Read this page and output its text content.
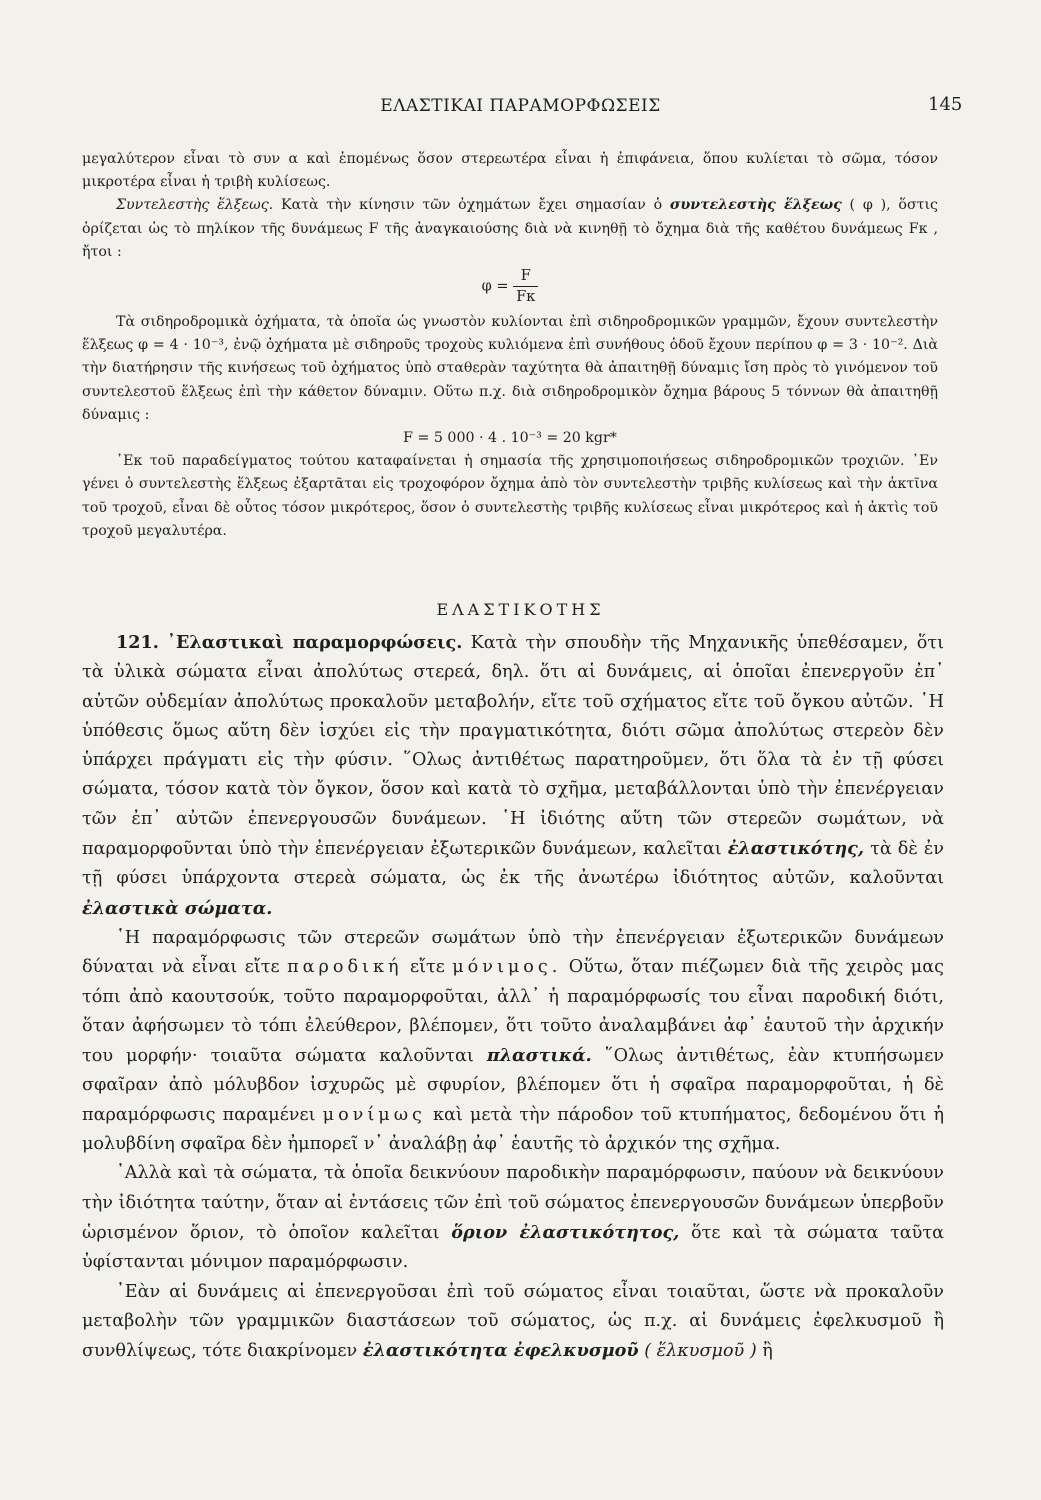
ΕΛΑΣΤΙΚΑΙ ΠΑΡΑΜΟΡΦΩΣΕΙΣ	145

μεγαλύτερον εἶναι τὸ συν α καὶ ἑπομένως ὅσον στερεωτέρα εἶναι ἡ ἐπιφάνεια, ὅπου κυλίεται τὸ σῶμα, τόσον μικροτέρα εἶναι ἡ τριβὴ κυλίσεως.

Συντελεστὴς ἕλξεως. Κατὰ τὴν κίνησιν τῶν ὀχημάτων ἔχει σημασίαν ὁ συντελεστὴς ἕλξεως ( φ ), ὅστις ὁρίζεται ὡς τὸ πηλίκον τῆς δυνάμεως F τῆς ἀναγκαιούσης διὰ νὰ κινηθῇ τὸ ὄχημα διὰ τῆς καθέτου δυνάμεως Fκ , ἤτοι :

$\varphi = \frac{F}{F\kappa}$

Τὰ σιδηροδρομικὰ ὀχήματα, τὰ ὁποῖα ὡς γνωστὸν κυλίονται ἐπὶ σιδηροδρομικῶν γραμμῶν, ἔχουν συντελεστὴν ἕλξεως φ = 4 · 10⁻³, ἐνῷ ὀχήματα μὲ σιδηροῦς τροχοὺς κυλιόμενα ἐπὶ συνήθους ὁδοῦ ἔχουν περίπου φ = 3 · 10⁻². Διὰ τὴν διατήρησιν τῆς κινήσεως τοῦ ὀχήματος ὑπὸ σταθερὰν ταχύτητα θὰ ἀπαιτηθῇ δύναμις ἴση πρὸς τὸ γινόμενον τοῦ συντελεστοῦ ἕλξεως ἐπὶ τὴν κάθετον δύναμιν. Οὕτω π.χ. διὰ σιδηροδρομικὸν ὄχημα βάρους 5 τόννων θὰ ἀπαιτηθῇ δύναμις :

F = 5 000 · 4 . 10⁻³ = 20 kgr*

᾿Εκ τοῦ παραδείγματος τούτου καταφαίνεται ἡ σημασία τῆς χρησιμοποιήσεως σιδηροδρομικῶν τροχιῶν. ᾿Εν γένει ὁ συντελεστὴς ἕλξεως ἐξαρτᾶται εἰς τροχοφόρον ὄχημα ἀπὸ τὸν συντελεστὴν τριβῆς κυλίσεως καὶ τὴν ἀκτῖνα τοῦ τροχοῦ, εἶναι δὲ οὗτος τόσον μικρότερος, ὅσον ὁ συντελεστὴς τριβῆς κυλίσεως εἶναι μικρότερος καὶ ἡ ἀκτὶς τοῦ τροχοῦ μεγαλυτέρα.

ΕΛΑΣΤΙΚΟΤΗΣ

121. ᾿Ελαστικαὶ παραμορφώσεις. Κατὰ τὴν σπουδὴν τῆς Μηχανικῆς ὑπεθέσαμεν, ὅτι τὰ ὑλικὰ σώματα εἶναι ἀπολύτως στερεά, δηλ. ὅτι αἱ δυνάμεις, αἱ ὁποῖαι ἐπενεργοῦν ἐπ᾿ αὐτῶν οὐδεμίαν ἀπολύτως προκαλοῦν μεταβολήν, εἴτε τοῦ σχήματος εἴτε τοῦ ὄγκου αὐτῶν. ῾Η ὑπόθεσις ὅμως αὕτη δὲν ἰσχύει εἰς τὴν πραγματικότητα, διότι σῶμα ἀπολύτως στερεὸν δὲν ὑπάρχει πράγματι εἰς τὴν φύσιν. ῞Ολως ἀντιθέτως παρατηροῦμεν, ὅτι ὅλα τὰ ἐν τῇ φύσει σώματα, τόσον κατὰ τὸν ὄγκον, ὅσον καὶ κατὰ τὸ σχῆμα, μεταβάλλονται ὑπὸ τὴν ἐπενέργειαν τῶν ἐπ᾿ αὐτῶν ἐπενεργουσῶν δυνάμεων. ῾Η ἰδιότης αὕτη τῶν στερεῶν σωμάτων, νὰ παραμορφοῦνται ὑπὸ τὴν ἐπενέργειαν ἐξωτερικῶν δυνάμεων, καλεῖται ἐλαστικότης, τὰ δὲ ἐν τῇ φύσει ὑπάρχοντα στερεὰ σώματα, ὡς ἐκ τῆς ἀνωτέρω ἰδιότητος αὐτῶν, καλοῦνται ἐλαστικὰ σώματα.

῾Η παραμόρφωσις τῶν στερεῶν σωμάτων ὑπὸ τὴν ἐπενέργειαν ἐξωτερικῶν δυνάμεων δύναται νὰ εἶναι εἴτε παροδική εἴτε μόνιμος. Οὕτω, ὅταν πιέζωμεν διὰ τῆς χειρὸς μας τόπι ἀπὸ καουτσούκ, τοῦτο παραμορφοῦται, ἀλλ᾿ ἡ παραμόρφωσίς του εἶναι παροδική διότι, ὅταν ἀφήσωμεν τὸ τόπι ἐλεύθερον, βλέπομεν, ὅτι τοῦτο ἀναλαμβάνει ἀφ᾿ ἑαυτοῦ τὴν ἀρχικήν του μορφήν· τοιαῦτα σώματα καλοῦνται πλαστικά. ῞Ολως ἀντιθέτως, ἐὰν κτυπήσωμεν σφαῖραν ἀπὸ μόλυβδον ἰσχυρῶς μὲ σφυρίον, βλέπομεν ὅτι ἡ σφαῖρα παραμορφοῦται, ἡ δὲ παραμόρφωσις παραμένει μονίμως καὶ μετὰ τὴν πάροδον τοῦ κτυπήματος, δεδομένου ὅτι ἡ μολυβδίνη σφαῖρα δὲν ἠμπορεῖ ν᾿ ἀναλάβῃ ἀφ᾿ ἑαυτῆς τὸ ἀρχικόν της σχῆμα.

᾿Αλλὰ καὶ τὰ σώματα, τὰ ὁποῖα δεικνύουν παροδικὴν παραμόρφωσιν, παύουν νὰ δεικνύουν τὴν ἰδιότητα ταύτην, ὅταν αἱ ἐντάσεις τῶν ἐπὶ τοῦ σώματος ἐπενεργουσῶν δυνάμεων ὑπερβοῦν ὡρισμένον ὅριον, τὸ ὁποῖον καλεῖται ὅριον ἐλαστικότητος, ὅτε καὶ τὰ σώματα ταῦτα ὑφίστανται μόνιμον παραμόρφωσιν.

᾿Εὰν αἱ δυνάμεις αἱ ἐπενεργοῦσαι ἐπὶ τοῦ σώματος εἶναι τοιαῦται, ὥστε νὰ προκαλοῦν μεταβολὴν τῶν γραμμικῶν διαστάσεων τοῦ σώματος, ὡς π.χ. αἱ δυνάμεις ἐφελκυσμοῦ ἢ συνθλίψεως, τότε διακρίνομεν ἐλαστικότητα ἐφελκυσμοῦ ( ἕλκυσμοῦ ) ἢ
